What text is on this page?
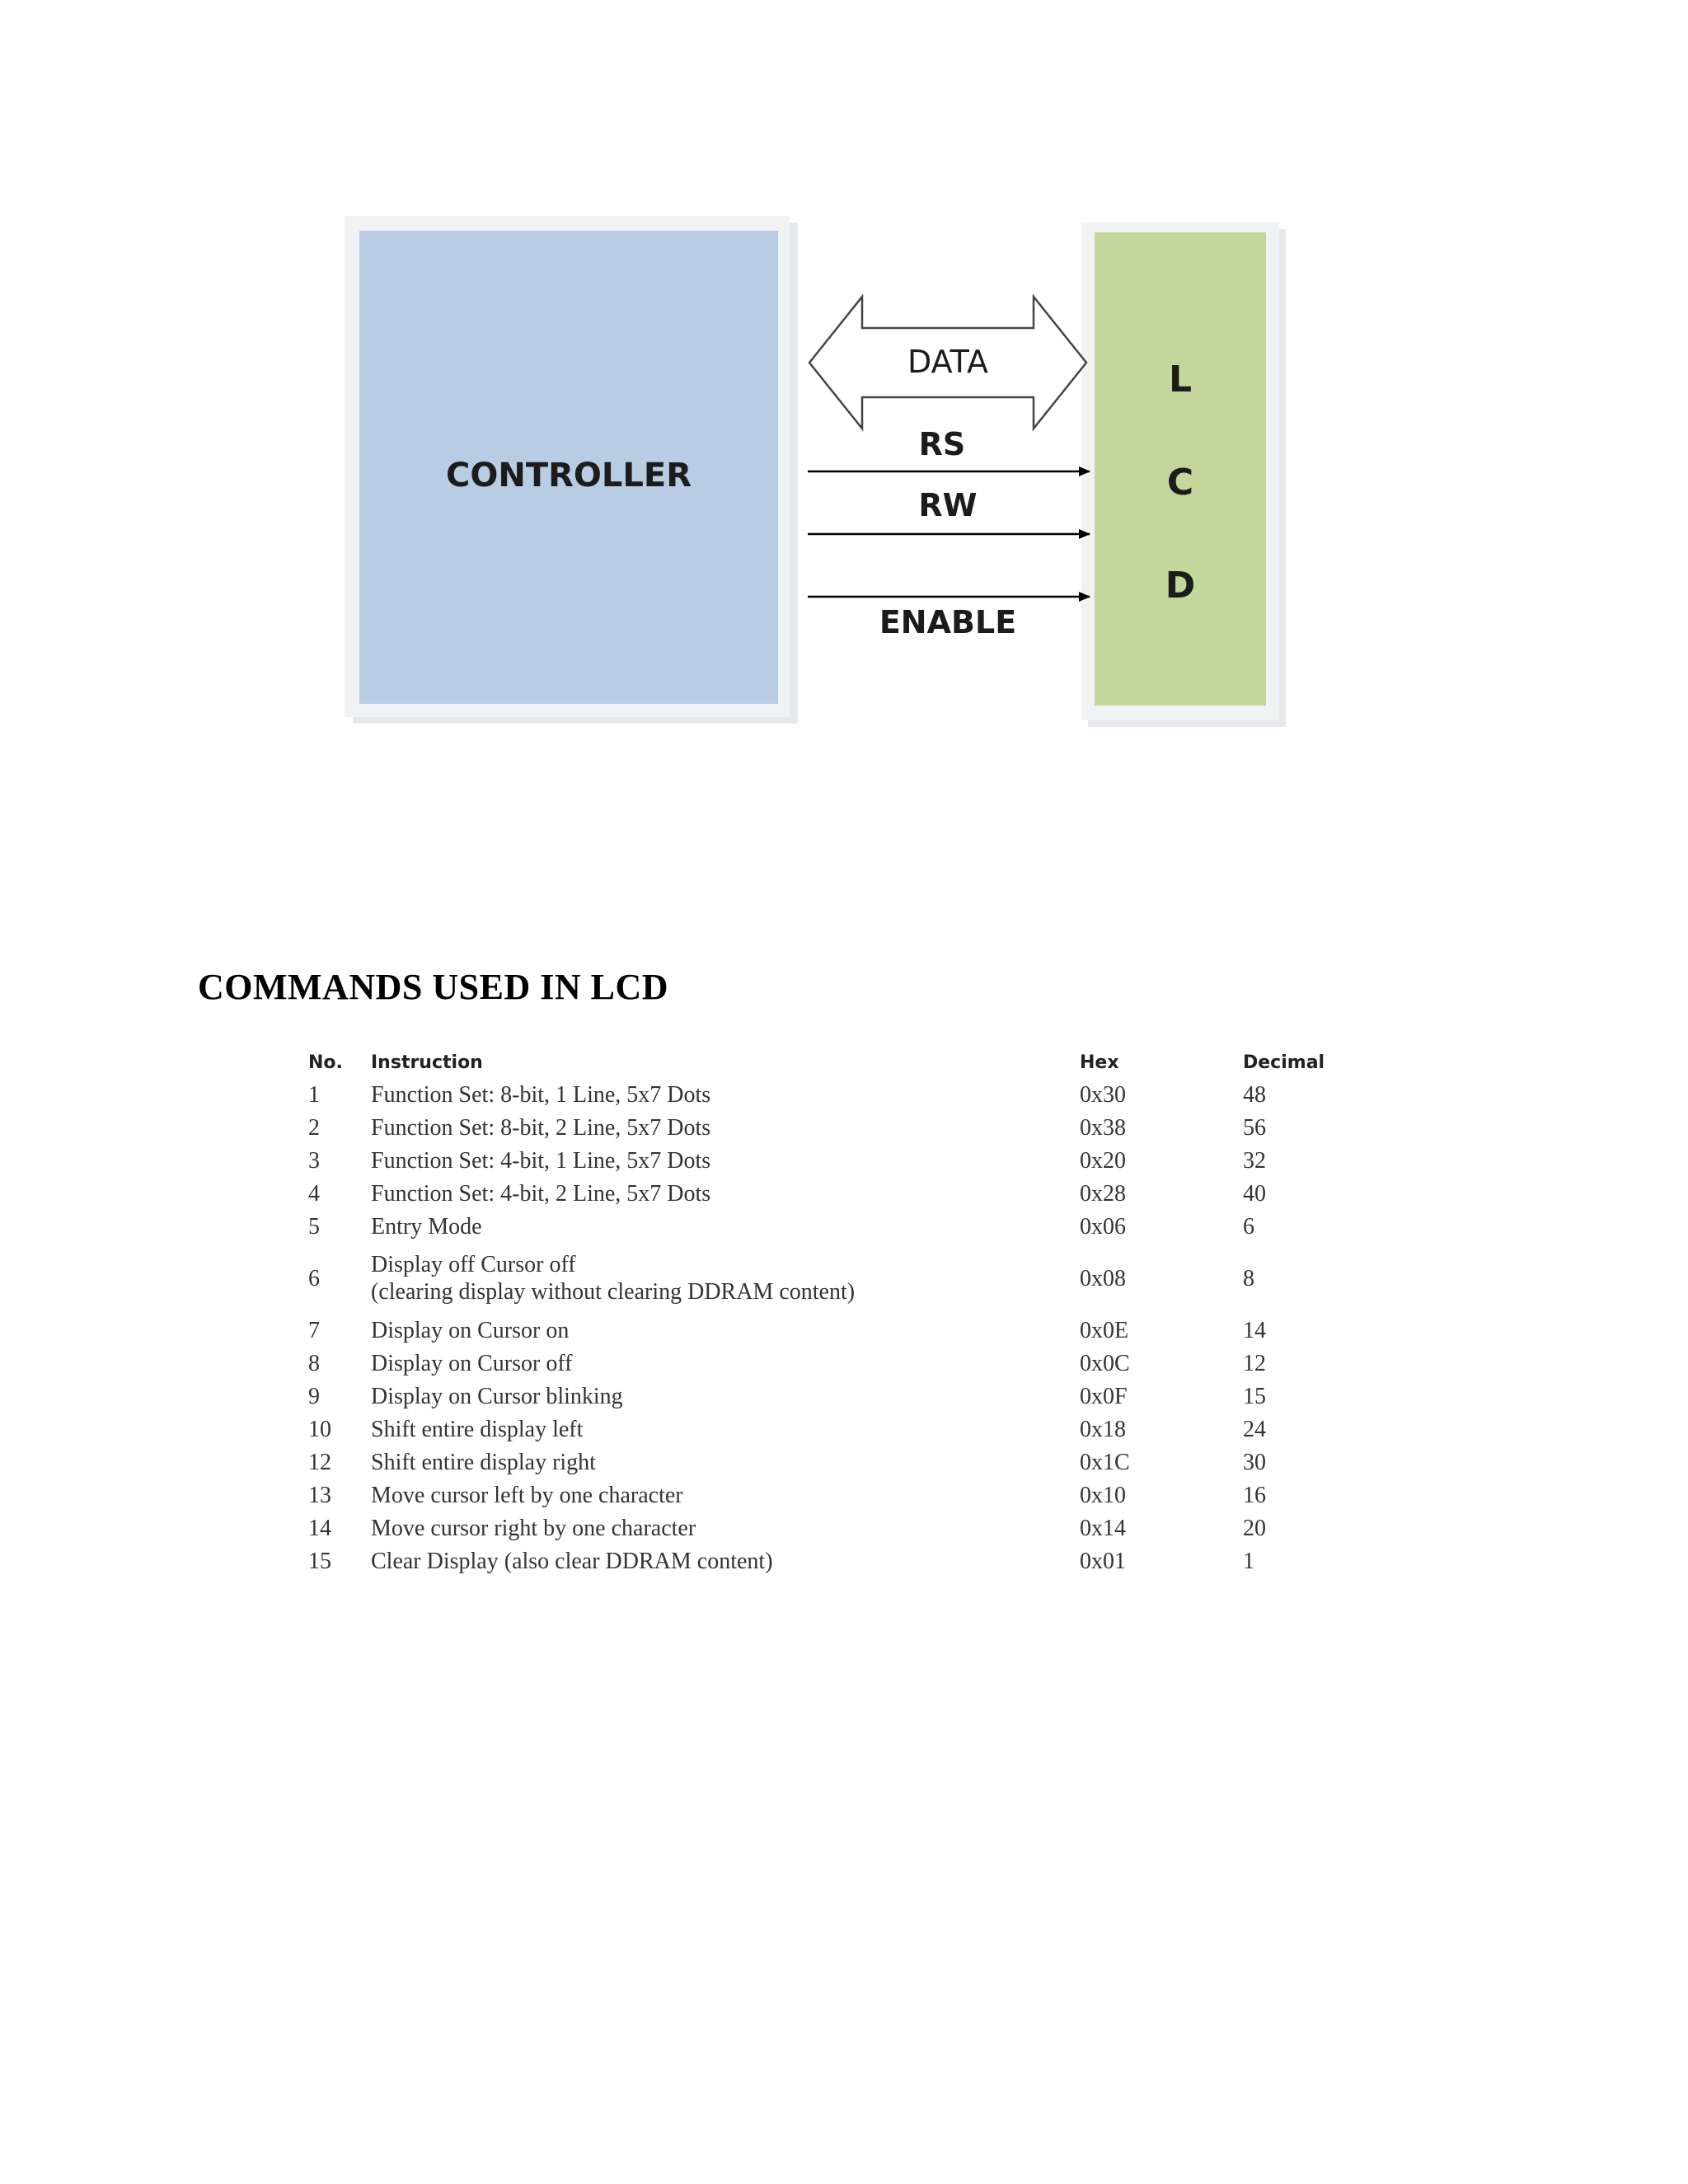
CONTROLLER
L
C
D
DATA
RS
RW
ENABLE
COMMANDS USED IN LCD
No.	Instruction	Hex	Decimal
1	Function Set: 8-bit, 1 Line, 5x7 Dots	0x30	48
2	Function Set: 8-bit, 2 Line, 5x7 Dots	0x38	56
3	Function Set: 4-bit, 1 Line, 5x7 Dots	0x20	32
4	Function Set: 4-bit, 2 Line, 5x7 Dots	0x28	40
5	Entry Mode	0x06	6
6	Display off Cursor off
(clearing display without clearing DDRAM content)	0x08	8
7	Display on Cursor on	0x0E	14
8	Display on Cursor off	0x0C	12
9	Display on Cursor blinking	0x0F	15
10	Shift entire display left	0x18	24
12	Shift entire display right	0x1C	30
13	Move cursor left by one character	0x10	16
14	Move cursor right by one character	0x14	20
15	Clear Display (also clear DDRAM content)	0x01	1
